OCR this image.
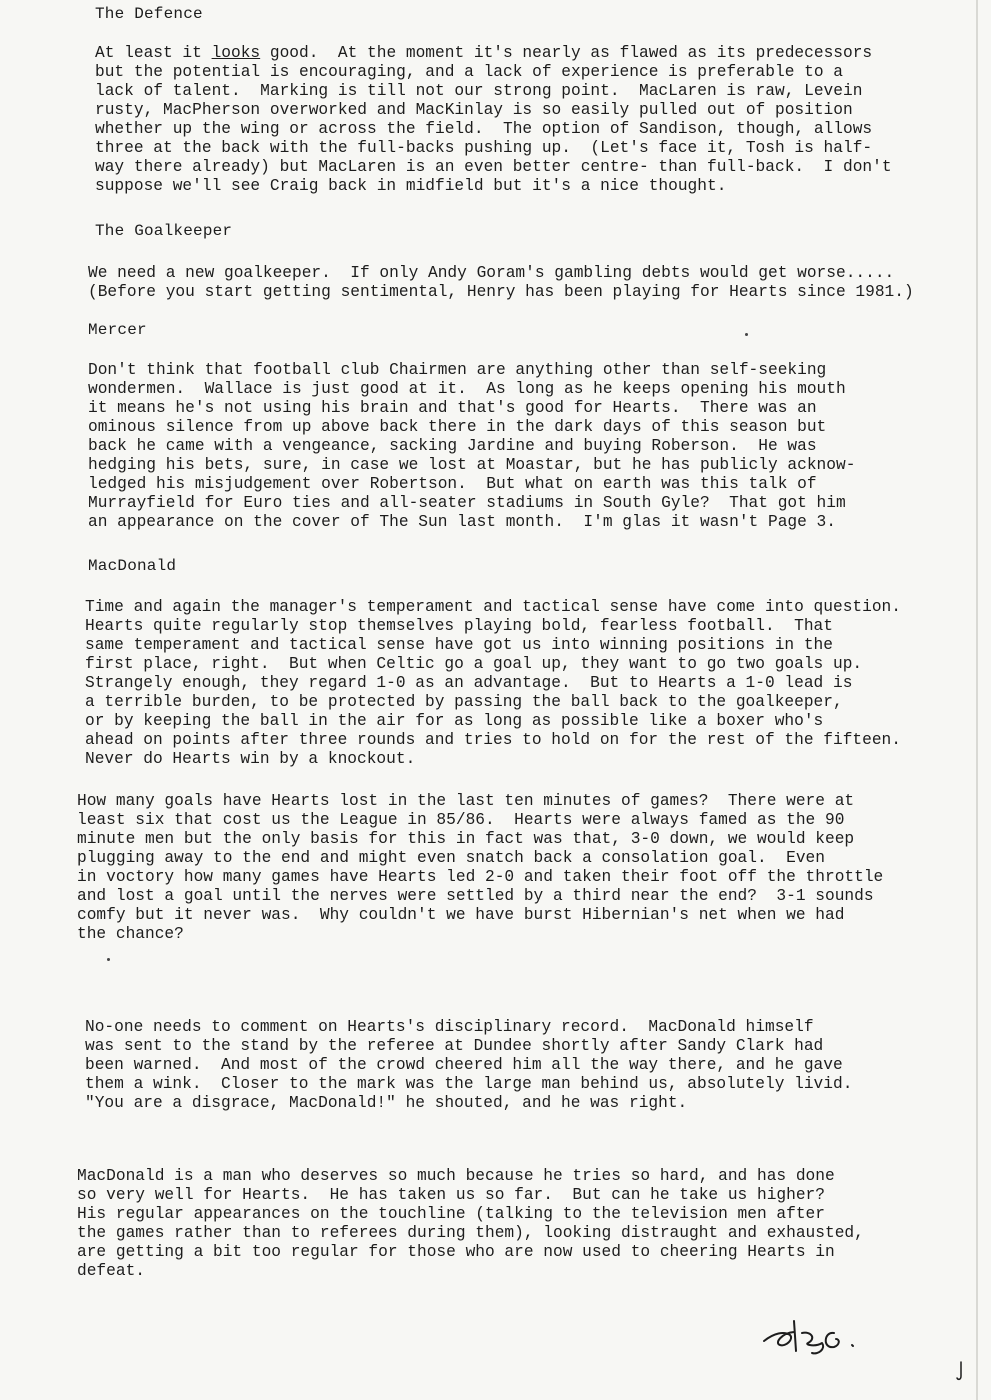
The Defence
At least it looks good.  At the moment it's nearly as flawed as its predecessors
but the potential is encouraging, and a lack of experience is preferable to a
lack of talent.  Marking is till not our strong point.  MacLaren is raw, Levein
rusty, MacPherson overworked and MacKinlay is so easily pulled out of position
whether up the wing or across the field.  The option of Sandison, though, allows
three at the back with the full-backs pushing up.  (Let's face it, Tosh is half-
way there already) but MacLaren is an even better centre- than full-back.  I don't
suppose we'll see Craig back in midfield but it's a nice thought.
The Goalkeeper
We need a new goalkeeper.  If only Andy Goram's gambling debts would get worse.....
(Before you start getting sentimental, Henry has been playing for Hearts since 1981.)
Mercer
Don't think that football club Chairmen are anything other than self-seeking
wondermen.  Wallace is just good at it.  As long as he keeps opening his mouth
it means he's not using his brain and that's good for Hearts.  There was an
ominous silence from up above back there in the dark days of this season but
back he came with a vengeance, sacking Jardine and buying Roberson.  He was
hedging his bets, sure, in case we lost at Moastar, but he has publicly acknow-
ledged his misjudgement over Robertson.  But what on earth was this talk of
Murrayfield for Euro ties and all-seater stadiums in South Gyle?  That got him
an appearance on the cover of The Sun last month.  I'm glas it wasn't Page 3.
MacDonald
Time and again the manager's temperament and tactical sense have come into question.
Hearts quite regularly stop themselves playing bold, fearless football.  That
same temperament and tactical sense have got us into winning positions in the
first place, right.  But when Celtic go a goal up, they want to go two goals up.
Strangely enough, they regard 1-0 as an advantage.  But to Hearts a 1-0 lead is
a terrible burden, to be protected by passing the ball back to the goalkeeper,
or by keeping the ball in the air for as long as possible like a boxer who's
ahead on points after three rounds and tries to hold on for the rest of the fifteen.
Never do Hearts win by a knockout.
How many goals have Hearts lost in the last ten minutes of games?  There were at
least six that cost us the League in 85/86.  Hearts were always famed as the 90
minute men but the only basis for this in fact was that, 3-0 down, we would keep
plugging away to the end and might even snatch back a consolation goal.  Even
in voctory how many games have Hearts led 2-0 and taken their foot off the throttle
and lost a goal until the nerves were settled by a third near the end?  3-1 sounds
comfy but it never was.  Why couldn't we have burst Hibernian's net when we had
the chance?
No-one needs to comment on Hearts's disciplinary record.  MacDonald himself
was sent to the stand by the referee at Dundee shortly after Sandy Clark had
been warned.  And most of the crowd cheered him all the way there, and he gave
them a wink.  Closer to the mark was the large man behind us, absolutely livid.
"You are a disgrace, MacDonald!" he shouted, and he was right.
MacDonald is a man who deserves so much because he tries so hard, and has done
so very well for Hearts.  He has taken us so far.  But can he take us higher?
His regular appearances on the touchline (talking to the television men after
the games rather than to referees during them), looking distraught and exhausted,
are getting a bit too regular for those who are now used to cheering Hearts in
defeat.
